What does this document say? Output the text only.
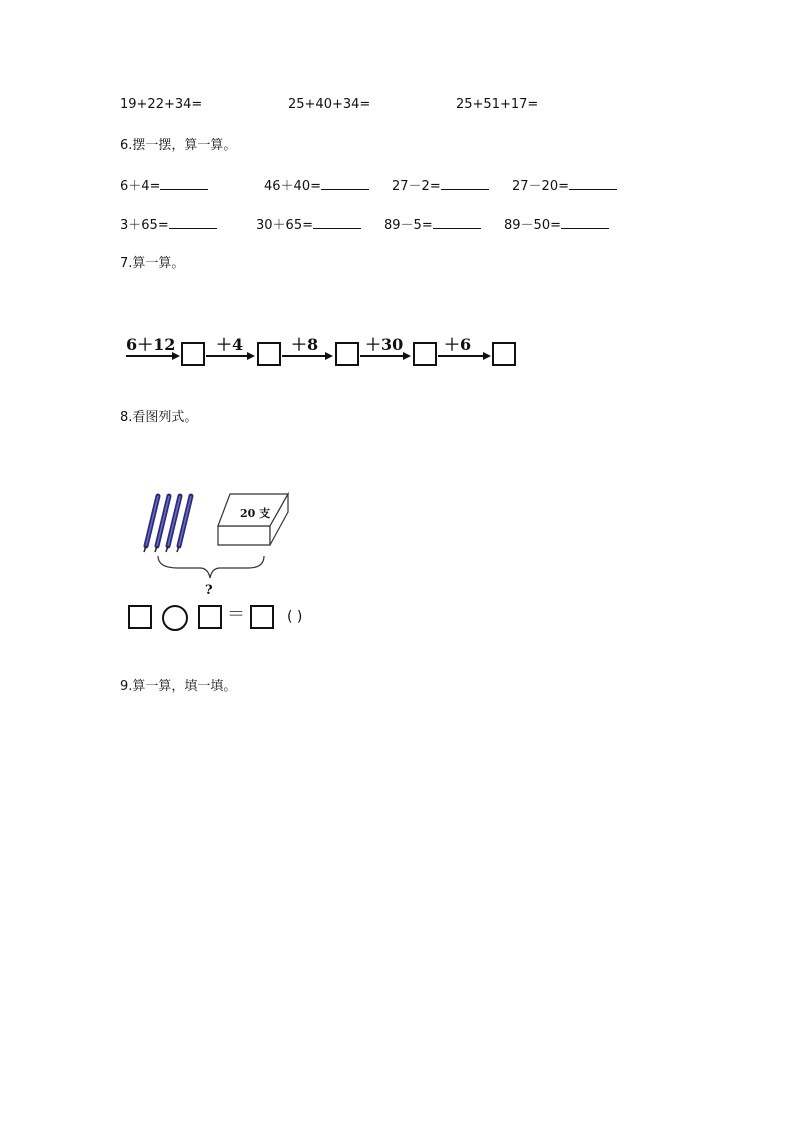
19+22+34=	25+40+34=	25+51+17=
6.摆一摆，算一算。
6＋4=	46＋40=	27－2=	27－20=
3＋65=	30＋65=	89－5=	89－50=
7.算一算。
6＋12	＋4	＋8	＋30	＋6
8.看图列式。
20 支
?
＝	( )
9.算一算，填一填。
